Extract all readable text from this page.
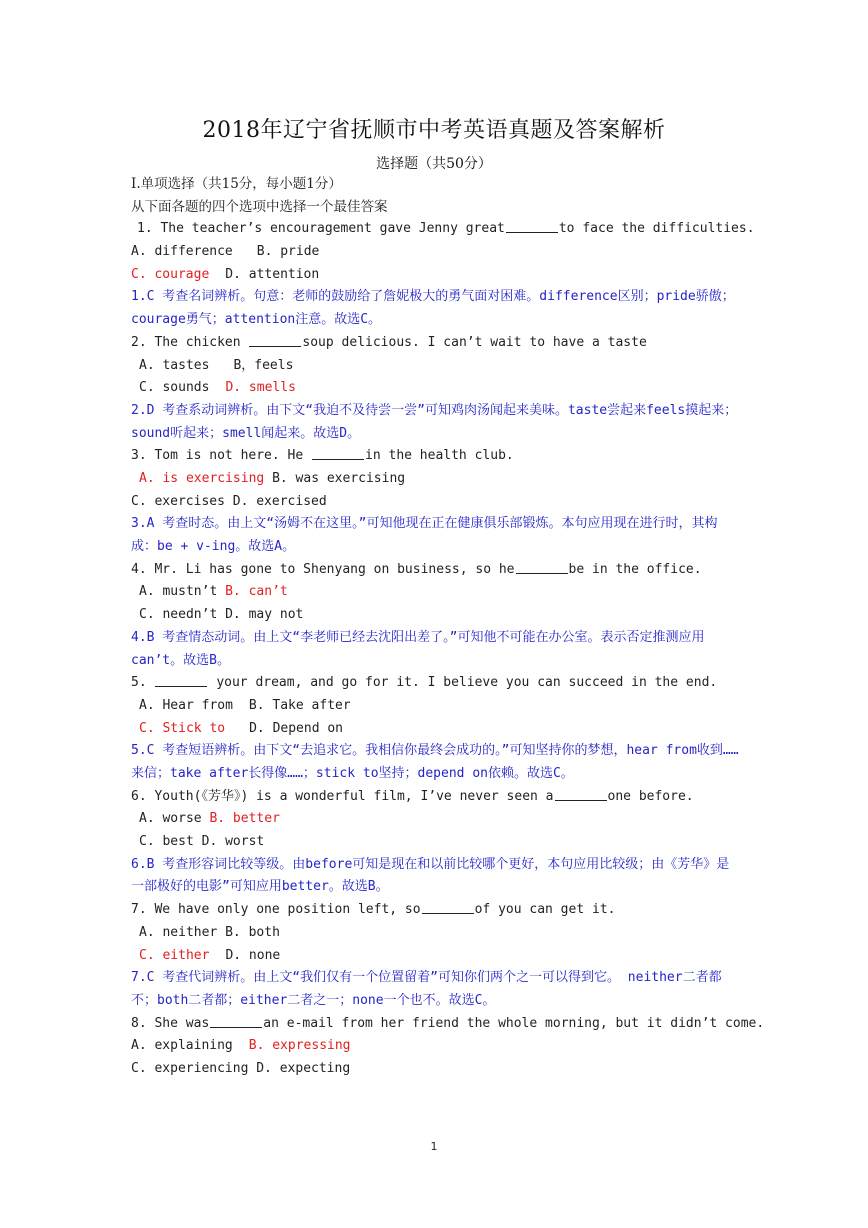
2018年辽宁省抚顺市中考英语真题及答案解析
选择题（共50分）
I.单项选择（共15分，每小题1分）
从下面各题的四个选项中选择一个最佳答案
1. The teacher’s encouragement gave Jenny great	to face the difficulties.
A. difference B. pride
C. courage D. attention
1.C 考查名词辨析。句意：老师的鼓励给了詹妮极大的勇气面对困难。difference区别；pride骄傲；courage勇气；attention注意。故选C。
2. The chicken	soup delicious. I can’t wait to have a taste
A. tastes B，feels
C. sounds D. smells
2.D 考查系动词辨析。由下文“我迫不及待尝一尝”可知鸡肉汤闻起来美味。taste尝起来feels摸起来；sound听起来；smell闻起来。故选D。
3. Tom is not here. He	in the health club.
A. is exercising B. was exercising
C. exercises D. exercised
3.A 考查时态。由上文“汤姆不在这里。”可知他现在正在健康俱乐部锻炼。本句应用现在进行时，其构成：be + v-ing。故选A。
4. Mr. Li has gone to Shenyang on business, so he	be in the office.
A. mustn’t B. can’t
C. needn’t D. may not
4.B 考查情态动词。由上文“李老师已经去沈阳出差了。”可知他不可能在办公室。表示否定推测应用can’t。故选B。
5.	your dream, and go for it. I believe you can succeed in the end.
A. Hear from B. Take after
C. Stick to D. Depend on
5.C 考查短语辨析。由下文“去追求它。我相信你最终会成功的。”可知坚持你的梦想，hear from收到……来信；take after长得像……；stick to坚持；depend on依赖。故选C。
6. Youth(《芳华》) is a wonderful film, I’ve never seen a	one before.
A. worse B. better
C. best D. worst
6.B 考查形容词比较等级。由before可知是现在和以前比较哪个更好，本句应用比较级；由《芳华》是一部极好的电影”可知应用better。故选B。
7. We have only one position left, so	of you can get it.
A. neither B. both
C. either D. none
7.C 考查代词辨析。由上文“我们仅有一个位置留着”可知你们两个之一可以得到它。 neither二者都不；both二者都；either二者之一；none一个也不。故选C。
8. She was	an e-mail from her friend the whole morning, but it didn’t come.
A. explaining B. expressing
C. experiencing D. expecting
1
